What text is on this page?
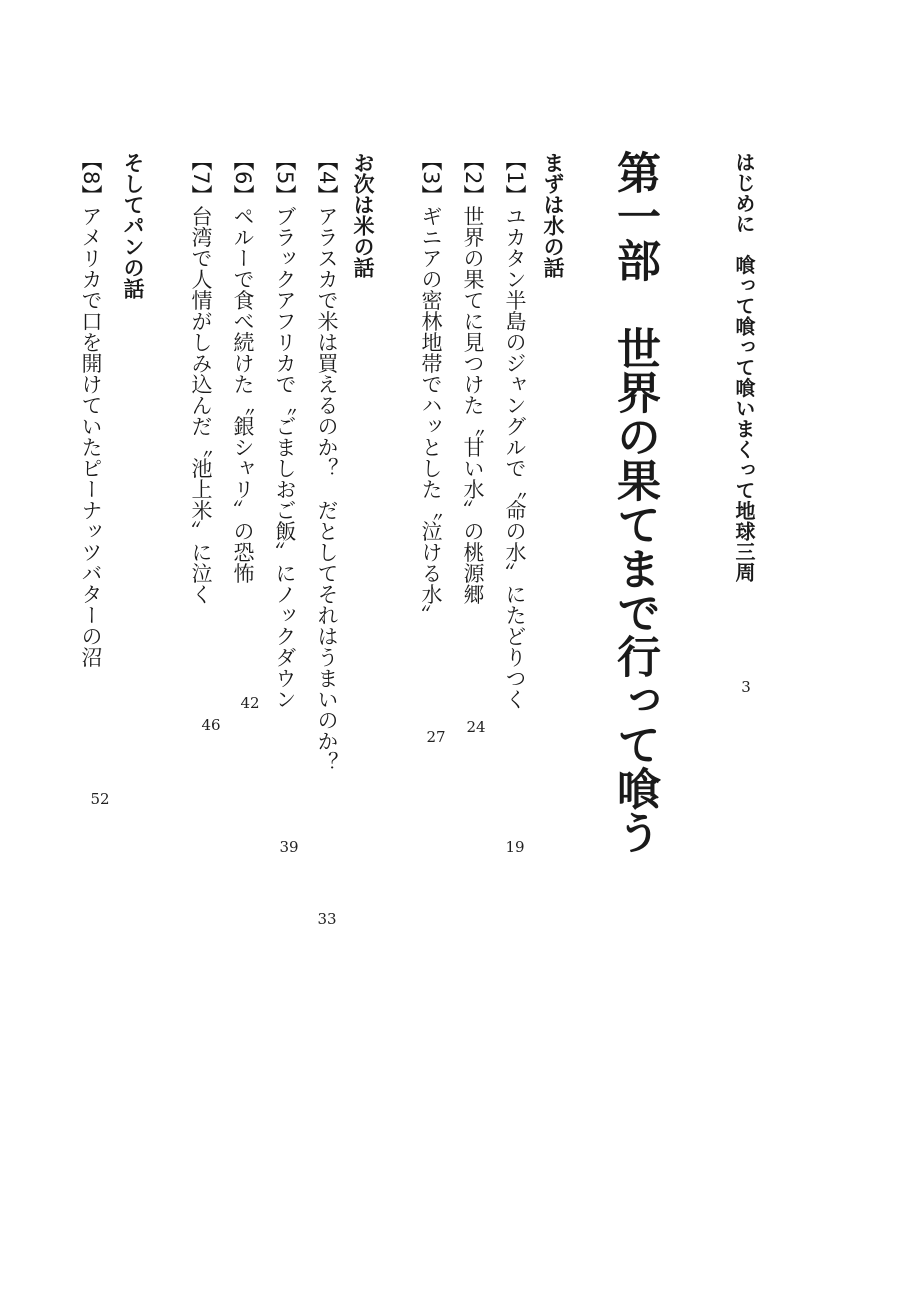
はじめに　喰って喰って喰いまくって地球三周
3
第一部　世界の果てまで行って喰う
まずは水の話
【1】ユカタン半島のジャングルで〝命の水〟にたどりつく
19
【2】世界の果てに見つけた〝甘い水〟の桃源郷
24
【3】ギニアの密林地帯でハッとした〝泣ける水〟
27
お次は米の話
【4】アラスカで米は買えるのか？　だとしてそれはうまいのか？
33
【5】ブラックアフリカで〝ごましおご飯〟にノックダウン
39
【6】ペルーで食べ続けた〝銀シャリ〟の恐怖
42
【7】台湾で人情がしみ込んだ〝池上米〟に泣く
46
そしてパンの話
【8】アメリカで口を開けていたピーナッツバターの沼
52
